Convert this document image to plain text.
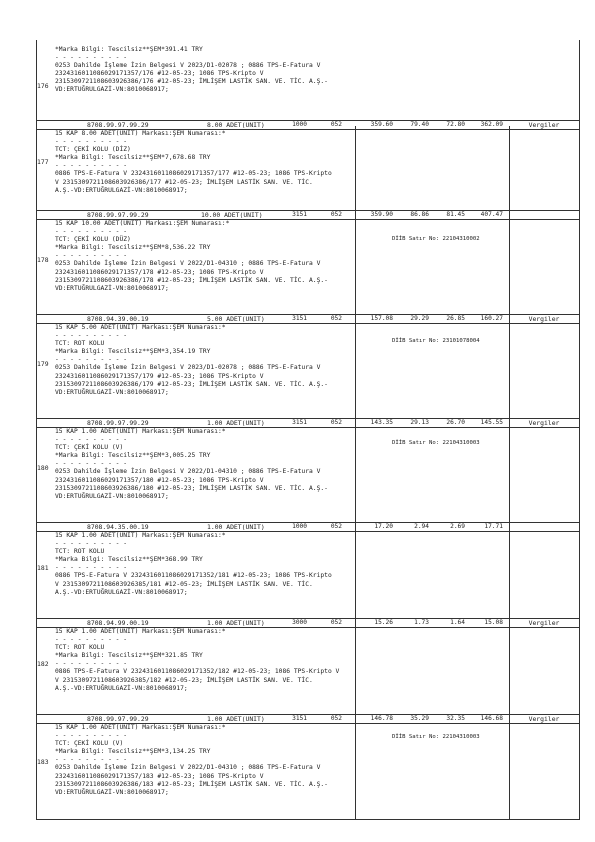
*Marka Bilgi: Tescilsiz**ŞEM*391.41 TRY
- - - - - - - - - -
0253 Dahilde İşleme İzin Belgesi V 2023/D1-02078 ; 0886 TPS-E-Fatura V
2324316011086029171357/176 #12-05-23; 1086 TPS-Kripto V
2315309721108603926386/176 #12-05-23; İMLİŞEM LASTİK SAN. VE. TİC. A.Ş.-
VD:ERTUĞRULGAZİ-VN:8010068917;
176
8708.99.97.99.29	8.00 ADET(UNIT)	1000	052	359.60	79.40	72.80	362.09	Vergiler
15 KAP 8.00 ADET(UNIT) Markası:ŞEM Numarası:*
- - - - - - - - - -
TCT: ÇEKİ KOLU (DİZ)
*Marka Bilgi: Tescilsiz**ŞEM*7,678.68 TRY
- - - - - - - - - -
0886 TPS-E-Fatura V 2324316011086029171357/177 #12-05-23; 1086 TPS-Kripto
V 2315309721108603926386/177 #12-05-23; İMLİŞEM LASTİK SAN. VE. TİC.
A.Ş.-VD:ERTUĞRULGAZİ-VN:8010068917;
177
8708.99.97.99.29	10.00 ADET(UNIT)	3151	052	359.90	86.86	81.45	407.47
15 KAP 10.00 ADET(UNIT) Markası:ŞEM Numarası:*
- - - - - - - - - -
TCT: ÇEKİ KOLU (DÜZ)
*Marka Bilgi: Tescilsiz**ŞEM*8,536.22 TRY
- - - - - - - - - -
0253 Dahilde İşleme İzin Belgesi V 2022/D1-04310 ; 0886 TPS-E-Fatura V
2324316011086029171357/178 #12-05-23; 1086 TPS-Kripto V
2315309721108603926386/178 #12-05-23; İMLİŞEM LASTİK SAN. VE. TİC. A.Ş.-
VD:ERTUĞRULGAZİ-VN:8010068917;
178
DİİB Satır No: 22104310002
8708.94.39.00.19	5.00 ADET(UNIT)	3151	052	157.08	29.29	26.85	160.27	Vergiler
15 KAP 5.00 ADET(UNIT) Markası:ŞEM Numarası:*
- - - - - - - - - -
TCT: ROT KOLU
*Marka Bilgi: Tescilsiz**ŞEM*3,354.19 TRY
- - - - - - - - - -
0253 Dahilde İşleme İzin Belgesi V 2023/D1-02078 ; 0886 TPS-E-Fatura V
2324316011086029171357/179 #12-05-23; 1086 TPS-Kripto V
2315309721108603926386/179 #12-05-23; İMLİŞEM LASTİK SAN. VE. TİC. A.Ş.-
VD:ERTUĞRULGAZİ-VN:8010068917;
179
DİİB Satır No: 23101078004
8708.99.97.99.29	1.00 ADET(UNIT)	3151	052	143.35	29.13	26.70	145.55	Vergiler
15 KAP 1.00 ADET(UNIT) Markası:ŞEM Numarası:*
- - - - - - - - - -
TCT: ÇEKİ KOLU (V)
*Marka Bilgi: Tescilsiz**ŞEM*3,005.25 TRY
- - - - - - - - - -
0253 Dahilde İşleme İzin Belgesi V 2022/D1-04310 ; 0886 TPS-E-Fatura V
2324316011086029171357/180 #12-05-23; 1086 TPS-Kripto V
2315309721108603926386/180 #12-05-23; İMLİŞEM LASTİK SAN. VE. TİC. A.Ş.-
VD:ERTUĞRULGAZİ-VN:8010068917;
180
DİİB Satır No: 22104310003
8708.94.35.00.19	1.00 ADET(UNIT)	1000	052	17.20	2.94	2.69	17.71
15 KAP 1.00 ADET(UNIT) Markası:ŞEM Numarası:*
- - - - - - - - - -
TCT: ROT KOLU
*Marka Bilgi: Tescilsiz**ŞEM*368.99 TRY
- - - - - - - - - -
0886 TPS-E-Fatura V 2324316011086029171352/181 #12-05-23; 1086 TPS-Kripto
V 2315309721108603926385/181 #12-05-23; İMLİŞEM LASTİK SAN. VE. TİC.
A.Ş.-VD:ERTUĞRULGAZİ-VN:8010068917;
181
8708.94.99.00.19	1.00 ADET(UNIT)	3000	052	15.26	1.73	1.64	15.08	Vergiler
15 KAP 1.00 ADET(UNIT) Markası:ŞEM Numarası:*
- - - - - - - - - -
TCT: ROT KOLU
*Marka Bilgi: Tescilsiz**ŞEM*321.85 TRY
- - - - - - - - - -
0886 TPS-E-Fatura V 2324316011086029171352/182 #12-05-23; 1086 TPS-Kripto V
V 2315309721108603926385/182 #12-05-23; İMLİŞEM LASTİK SAN. VE. TİC.
A.Ş.-VD:ERTUĞRULGAZİ-VN:8010068917;
182
8708.99.97.99.29	1.00 ADET(UNIT)	3151	052	146.78	35.29	32.35	146.68	Vergiler
15 KAP 1.00 ADET(UNIT) Markası:ŞEM Numarası:*
- - - - - - - - - -
TCT: ÇEKİ KOLU (V)
*Marka Bilgi: Tescilsiz**ŞEM*3,134.25 TRY
- - - - - - - - - -
0253 Dahilde İşleme İzin Belgesi V 2022/D1-04310 ; 0886 TPS-E-Fatura V
2324316011086029171357/183 #12-05-23; 1086 TPS-Kripto V
2315309721108603926386/183 #12-05-23; İMLİŞEM LASTİK SAN. VE. TİC. A.Ş.-
VD:ERTUĞRULGAZİ-VN:8010068917;
183
DİİB Satır No: 22104310003
